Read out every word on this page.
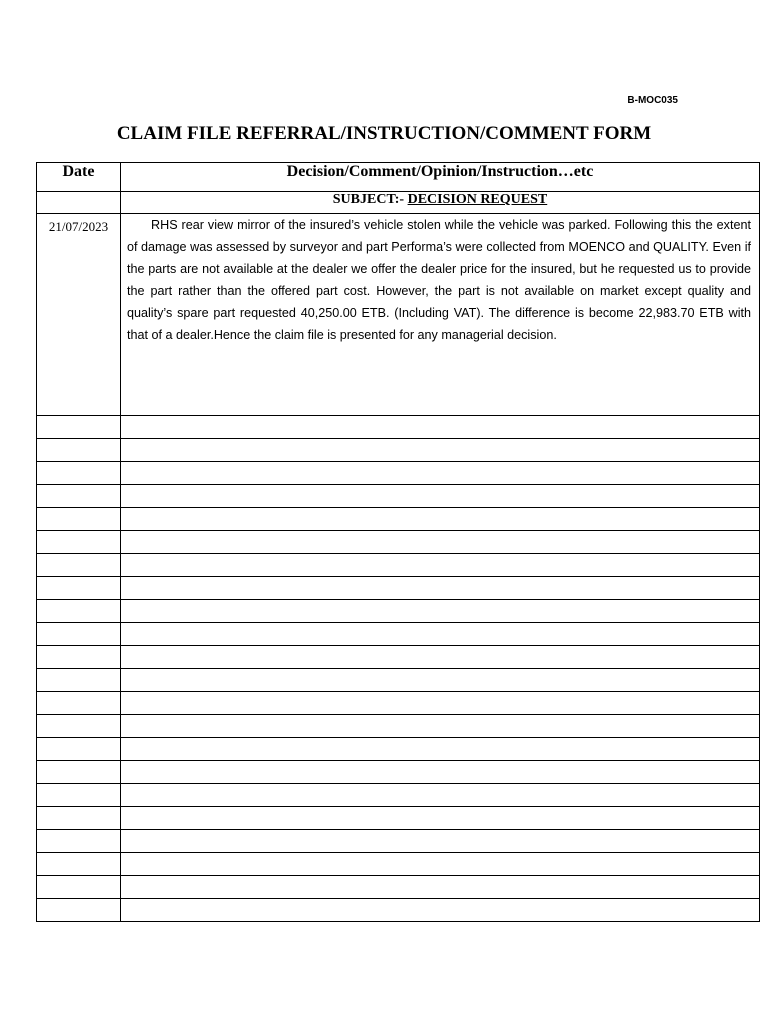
B-MOC035
CLAIM FILE REFERRAL/INSTRUCTION/COMMENT FORM
Date	Decision/Comment/Opinion/Instruction…etc
	SUBJECT:- DECISION REQUEST
21/07/2023	RHS rear view mirror of the insured’s vehicle stolen while the vehicle was parked. Following this the extent of damage was assessed by surveyor and part Performa’s were collected from MOENCO and QUALITY. Even if the parts are not available at the dealer we offer the dealer price for the insured, but he requested us to provide the part rather than the offered part cost. However, the part is not available on market except quality and quality’s spare part requested 40,250.00 ETB. (Including VAT). The difference is become 22,983.70 ETB with that of a dealer.Hence the claim file is presented for any managerial decision.
